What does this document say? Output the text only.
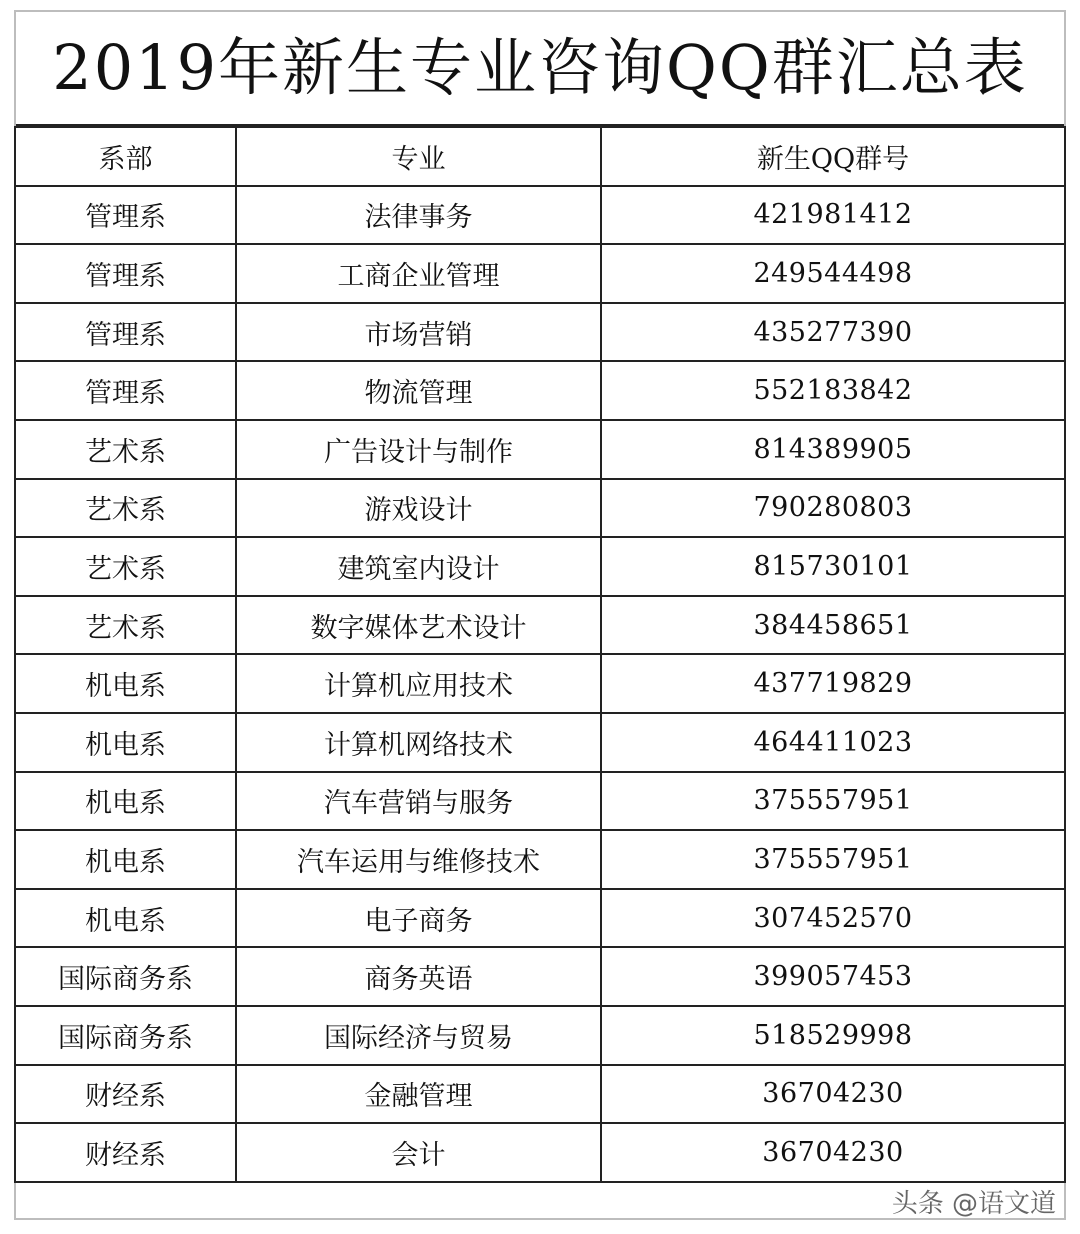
2019年新生专业咨询QQ群汇总表
系部	专业	新生QQ群号
管理系	法律事务	421981412
管理系	工商企业管理	249544498
管理系	市场营销	435277390
管理系	物流管理	552183842
艺术系	广告设计与制作	814389905
艺术系	游戏设计	790280803
艺术系	建筑室内设计	815730101
艺术系	数字媒体艺术设计	384458651
机电系	计算机应用技术	437719829
机电系	计算机网络技术	464411023
机电系	汽车营销与服务	375557951
机电系	汽车运用与维修技术	375557951
机电系	电子商务	307452570
国际商务系	商务英语	399057453
国际商务系	国际经济与贸易	518529998
财经系	金融管理	36704230
财经系	会计	36704230
头条 @语文道
